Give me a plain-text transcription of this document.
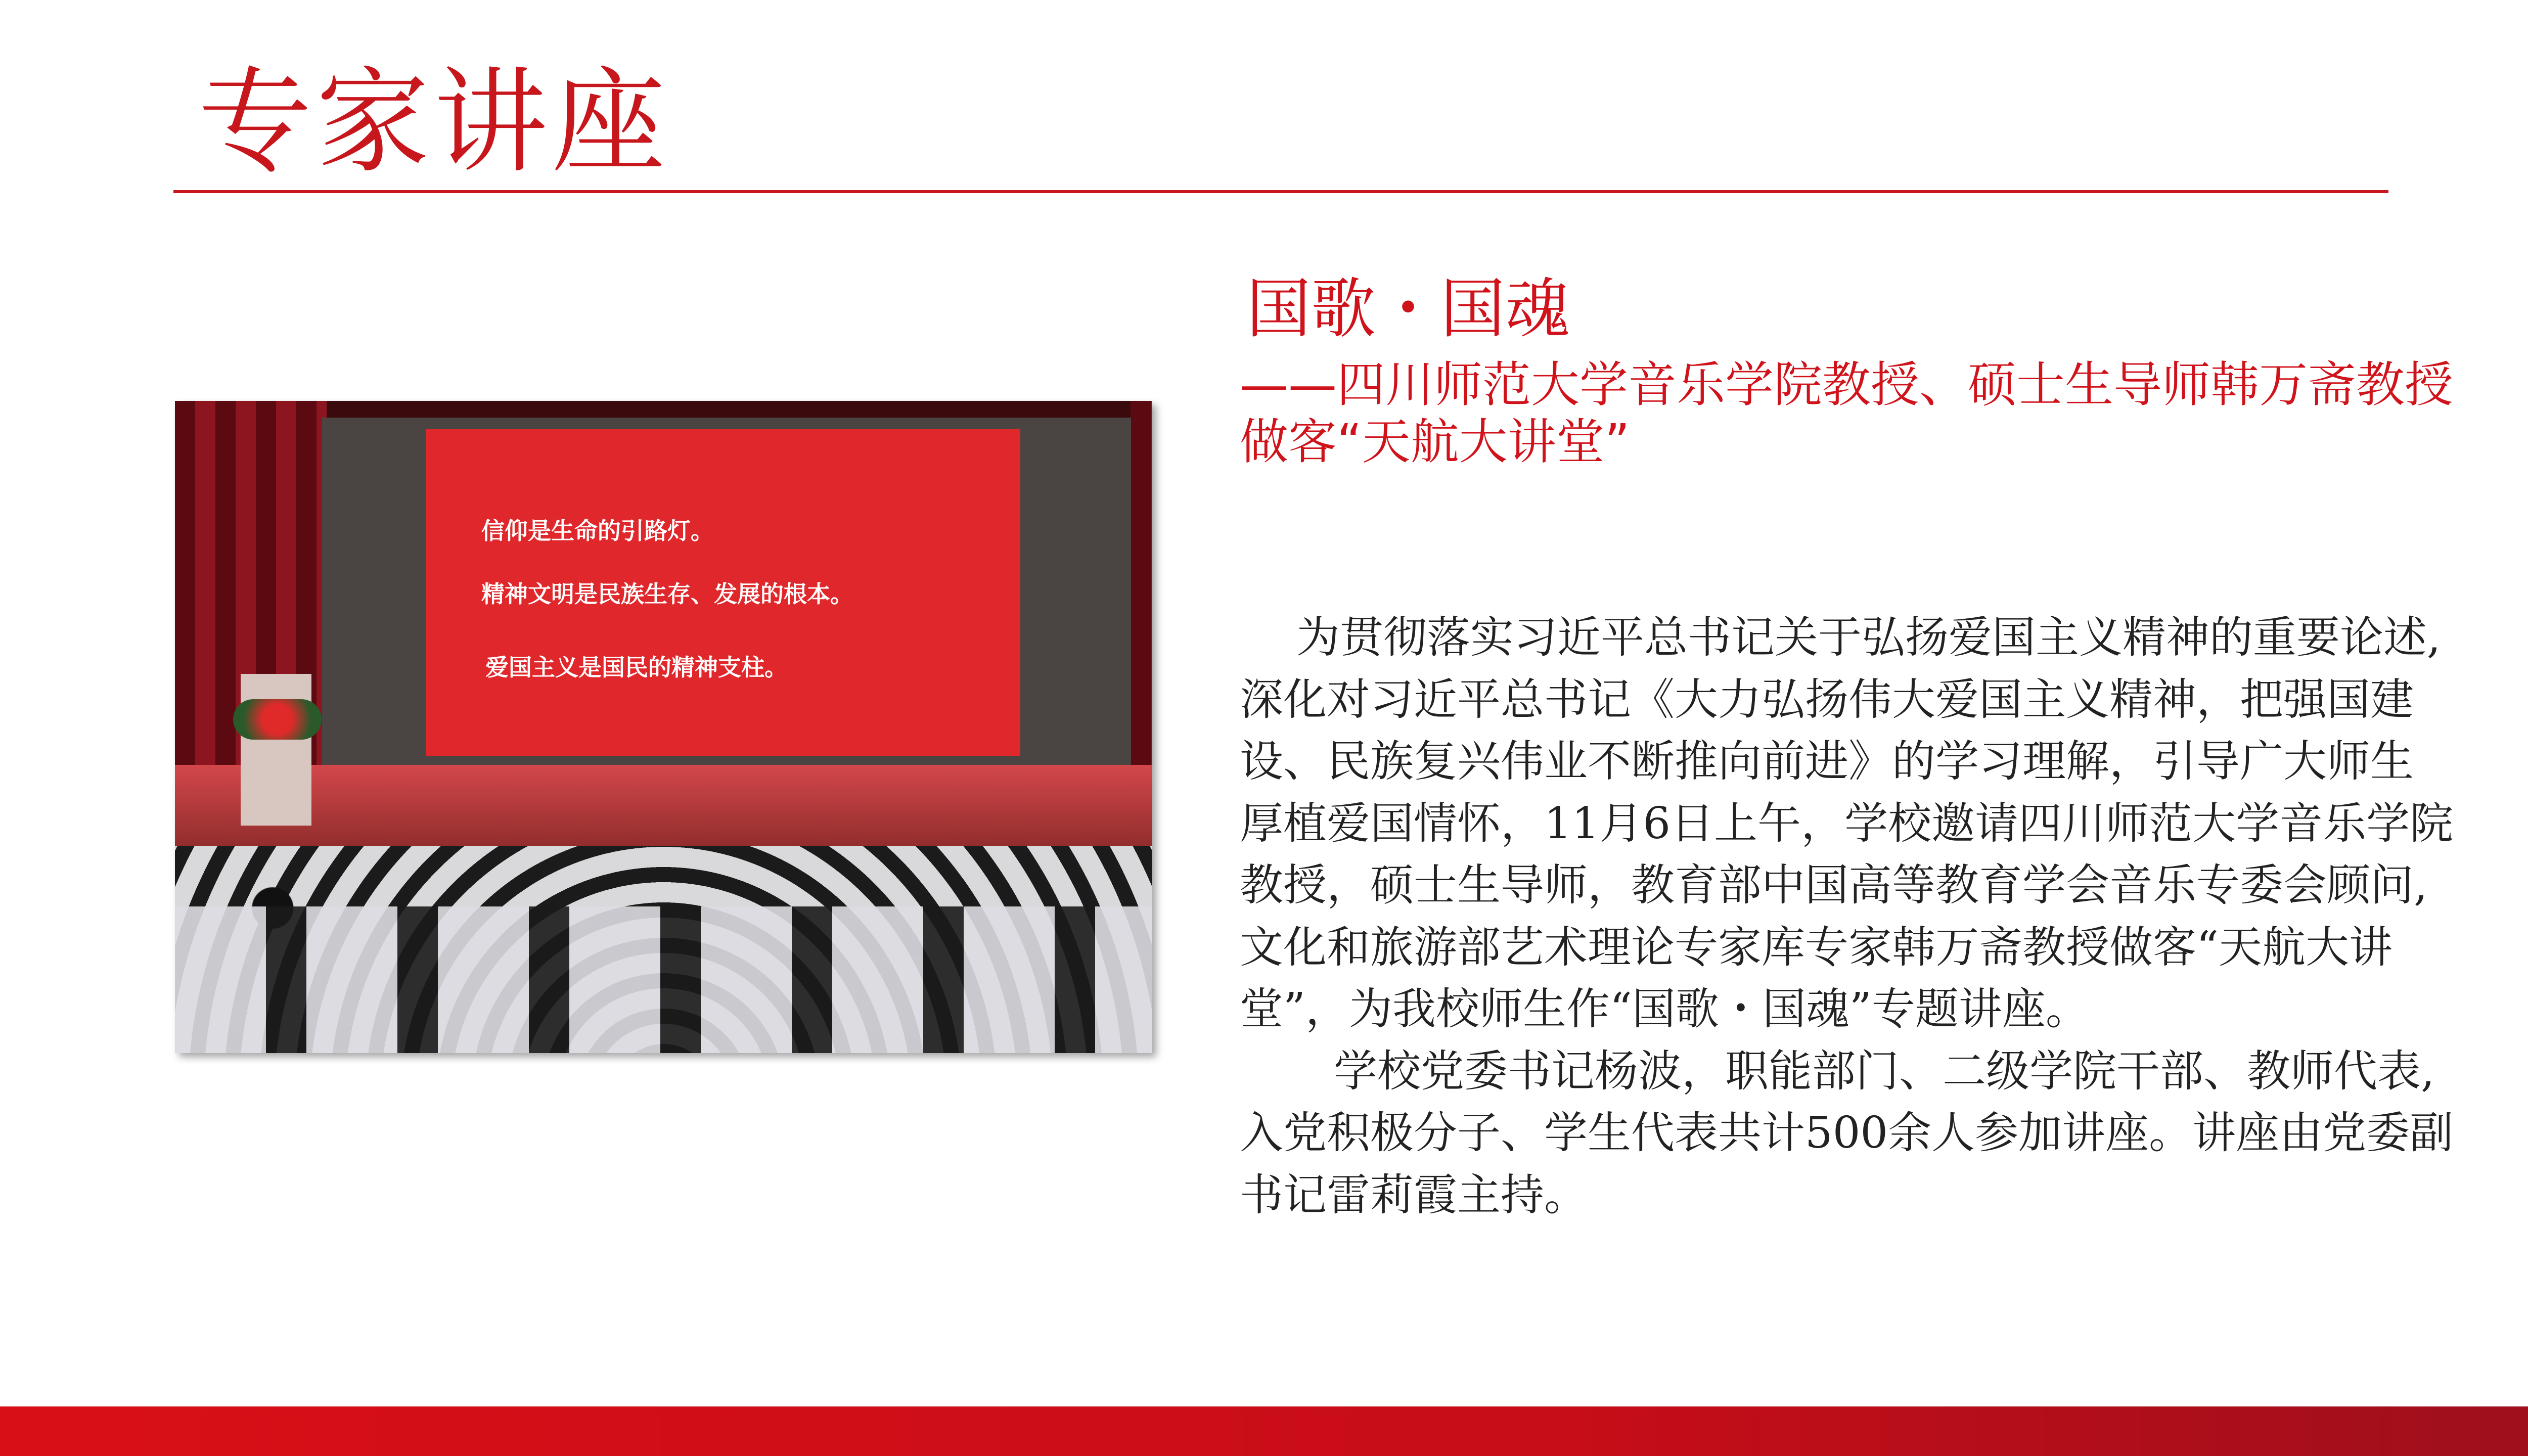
专家讲座
信仰是生命的引路灯。
精神文明是民族生存、发展的根本。
爱国主义是国民的精神支柱。
国歌・国魂
——四川师范大学音乐学院教授、硕士生导师韩万斋教授
做客“天航大讲堂”
为贯彻落实习近平总书记关于弘扬爱国主义精神的重要论述,
深化对习近平总书记《大力弘扬伟大爱国主义精神，把强国建
设、民族复兴伟业不断推向前进》的学习理解，引导广大师生
厚植爱国情怀，11月6日上午，学校邀请四川师范大学音乐学院
教授，硕士生导师，教育部中国高等教育学会音乐专委会顾问,
文化和旅游部艺术理论专家库专家韩万斋教授做客“天航大讲
堂”，为我校师生作“国歌・国魂”专题讲座。
学校党委书记杨波，职能部门、二级学院干部、教师代表,
入党积极分子、学生代表共计500余人参加讲座。讲座由党委副
书记雷莉霞主持。
